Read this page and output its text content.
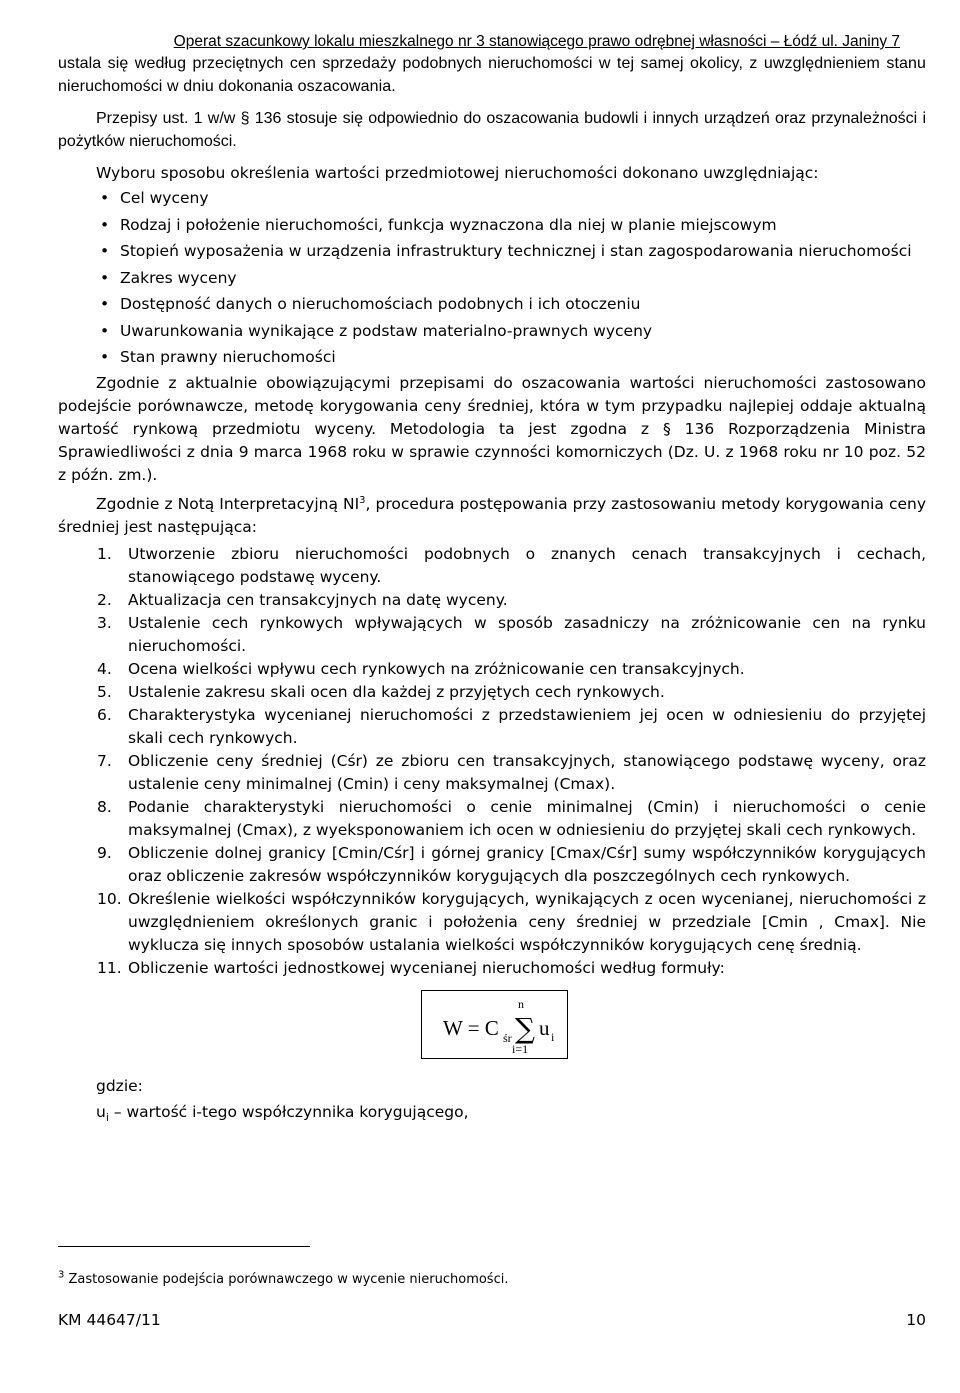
Operat szacunkowy lokalu mieszkalnego nr 3 stanowiącego prawo odrębnej własności – Łódź ul. Janiny 7

ustala się według przeciętnych cen sprzedaży podobnych nieruchomości w tej samej okolicy, z uwzględnieniem stanu nieruchomości w dniu dokonania oszacowania.

Przepisy ust. 1 w/w § 136 stosuje się odpowiednio do oszacowania budowli i innych urządzeń oraz przynależności i pożytków nieruchomości.

Wyboru sposobu określenia wartości przedmiotowej nieruchomości dokonano uwzględniając:

• Cel wyceny
• Rodzaj i położenie nieruchomości, funkcja wyznaczona dla niej w planie miejscowym
• Stopień wyposażenia w urządzenia infrastruktury technicznej i stan zagospodarowania nieruchomości
• Zakres wyceny
• Dostępność danych o nieruchomościach podobnych i ich otoczeniu
• Uwarunkowania wynikające z podstaw materialno-prawnych wyceny
• Stan prawny nieruchomości

Zgodnie z aktualnie obowiązującymi przepisami do oszacowania wartości nieruchomości zastosowano podejście porównawcze, metodę korygowania ceny średniej, która w tym przypadku najlepiej oddaje aktualną wartość rynkową przedmiotu wyceny. Metodologia ta jest zgodna z § 136 Rozporządzenia Ministra Sprawiedliwości z dnia 9 marca 1968 roku w sprawie czynności komorniczych (Dz. U. z 1968 roku nr 10 poz. 52 z późn. zm.).

Zgodnie z Notą Interpretacyjną $NI^3$, procedura postępowania przy zastosowaniu metody korygowania ceny średniej jest następująca:

1. Utworzenie zbioru nieruchomości podobnych o znanych cenach transakcyjnych i cechach, stanowiącego podstawę wyceny.
2. Aktualizacja cen transakcyjnych na datę wyceny.
3. Ustalenie cech rynkowych wpływających w sposób zasadniczy na zróżnicowanie cen na rynku nieruchomości.
4. Ocena wielkości wpływu cech rynkowych na zróżnicowanie cen transakcyjnych.
5. Ustalenie zakresu skali ocen dla każdej z przyjętych cech rynkowych.
6. Charakterystyka wycenianej nieruchomości z przedstawieniem jej ocen w odniesieniu do przyjętej skali cech rynkowych.
7. Obliczenie ceny średniej (Cśr) ze zbioru cen transakcyjnych, stanowiącego podstawę wyceny, oraz ustalenie ceny minimalnej (Cmin) i ceny maksymalnej (Cmax).
8. Podanie charakterystyki nieruchomości o cenie minimalnej (Cmin) i nieruchomości o cenie maksymalnej (Cmax), z wyeksponowaniem ich ocen w odniesieniu do przyjętej skali cech rynkowych.
9. Obliczenie dolnej granicy [Cmin/Cśr] i górnej granicy [Cmax/Cśr] sumy współczynników korygujących oraz obliczenie zakresów współczynników korygujących dla poszczególnych cech rynkowych.
10. Określenie wielkości współczynników korygujących, wynikających z ocen wycenianej, nieruchomości z uwzględnieniem określonych granic i położenia ceny średniej w przedziale [Cmin , Cmax]. Nie wyklucza się innych sposobów ustalania wielkości współczynników korygujących cenę średnią.
11. Obliczenie wartości jednostkowej wycenianej nieruchomości według formuły:
W = C śr
n
∑
i=1
u i
gdzie:
$u_i$ – wartość i-tego współczynnika korygującego,
$^3$ Zastosowanie podejścia porównawczego w wycenie nieruchomości.
KM 44647/11	10
